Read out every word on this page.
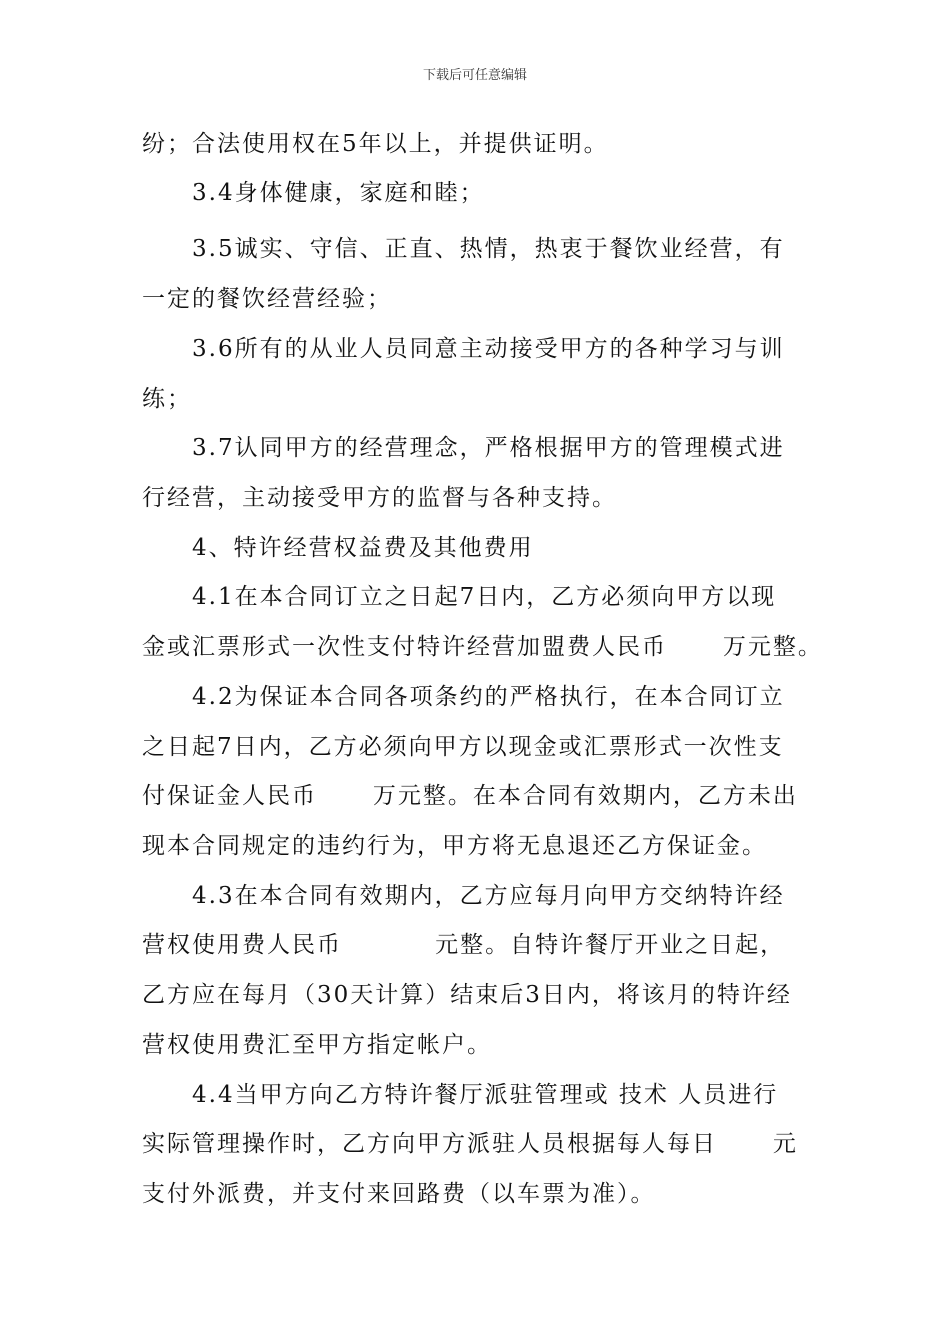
下载后可任意编辑
纷；合法使用权在5年以上，并提供证明。
3.4身体健康，家庭和睦；
3.5诚实、守信、正直、热情，热衷于餐饮业经营，有
一定的餐饮经营经验；
3.6所有的从业人员同意主动接受甲方的各种学习与训
练；
3.7认同甲方的经营理念，严格根据甲方的管理模式进
行经营，主动接受甲方的监督与各种支持。
4、特许经营权益费及其他费用
4.1在本合同订立之日起7日内，乙方必须向甲方以现
金或汇票形式一次性支付特许经营加盟费人民币      万元整。
4.2为保证本合同各项条约的严格执行，在本合同订立
之日起7日内，乙方必须向甲方以现金或汇票形式一次性支
付保证金人民币      万元整。在本合同有效期内，乙方未出
现本合同规定的违约行为，甲方将无息退还乙方保证金。
4.3在本合同有效期内，乙方应每月向甲方交纳特许经
营权使用费人民币          元整。自特许餐厅开业之日起，
乙方应在每月（30天计算）结束后3日内，将该月的特许经
营权使用费汇至甲方指定帐户。
4.4当甲方向乙方特许餐厅派驻管理或 技术 人员进行
实际管理操作时，乙方向甲方派驻人员根据每人每日      元
支付外派费，并支付来回路费（以车票为准）。
